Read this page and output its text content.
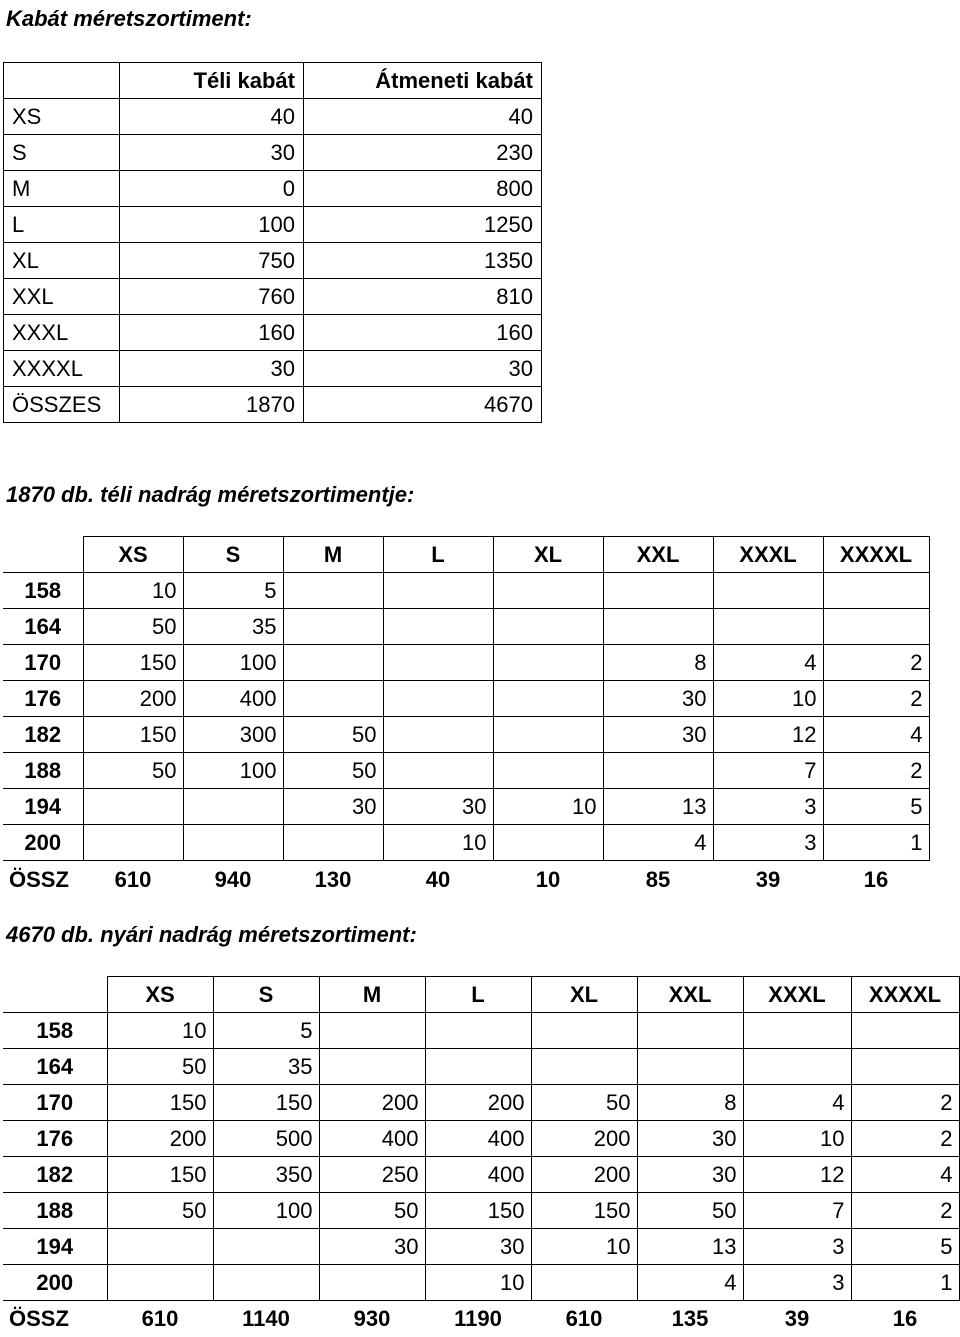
Kabát méretszortiment:
	Téli kabát	Átmeneti kabát
XS	40	40
S	30	230
M	0	800
L	100	1250
XL	750	1350
XXL	760	810
XXXL	160	160
XXXXL	30	30
ÖSSZES	1870	4670
1870 db. téli nadrág méretszortimentje:
	XS	S	M	L	XL	XXL	XXXL	XXXXL
158	10	5						
164	50	35						
170	150	100				8	4	2
176	200	400				30	10	2
182	150	300	50			30	12	4
188	50	100	50				7	2
194			30	30	10	13	3	5
200				10		4	3	1
ÖSSZ	610	940	130	40	10	85	39	16
4670 db. nyári nadrág méretszortiment:
	XS	S	M	L	XL	XXL	XXXL	XXXXL
158	10	5						
164	50	35						
170	150	150	200	200	50	8	4	2
176	200	500	400	400	200	30	10	2
182	150	350	250	400	200	30	12	4
188	50	100	50	150	150	50	7	2
194			30	30	10	13	3	5
200				10		4	3	1
ÖSSZ	610	1140	930	1190	610	135	39	16
